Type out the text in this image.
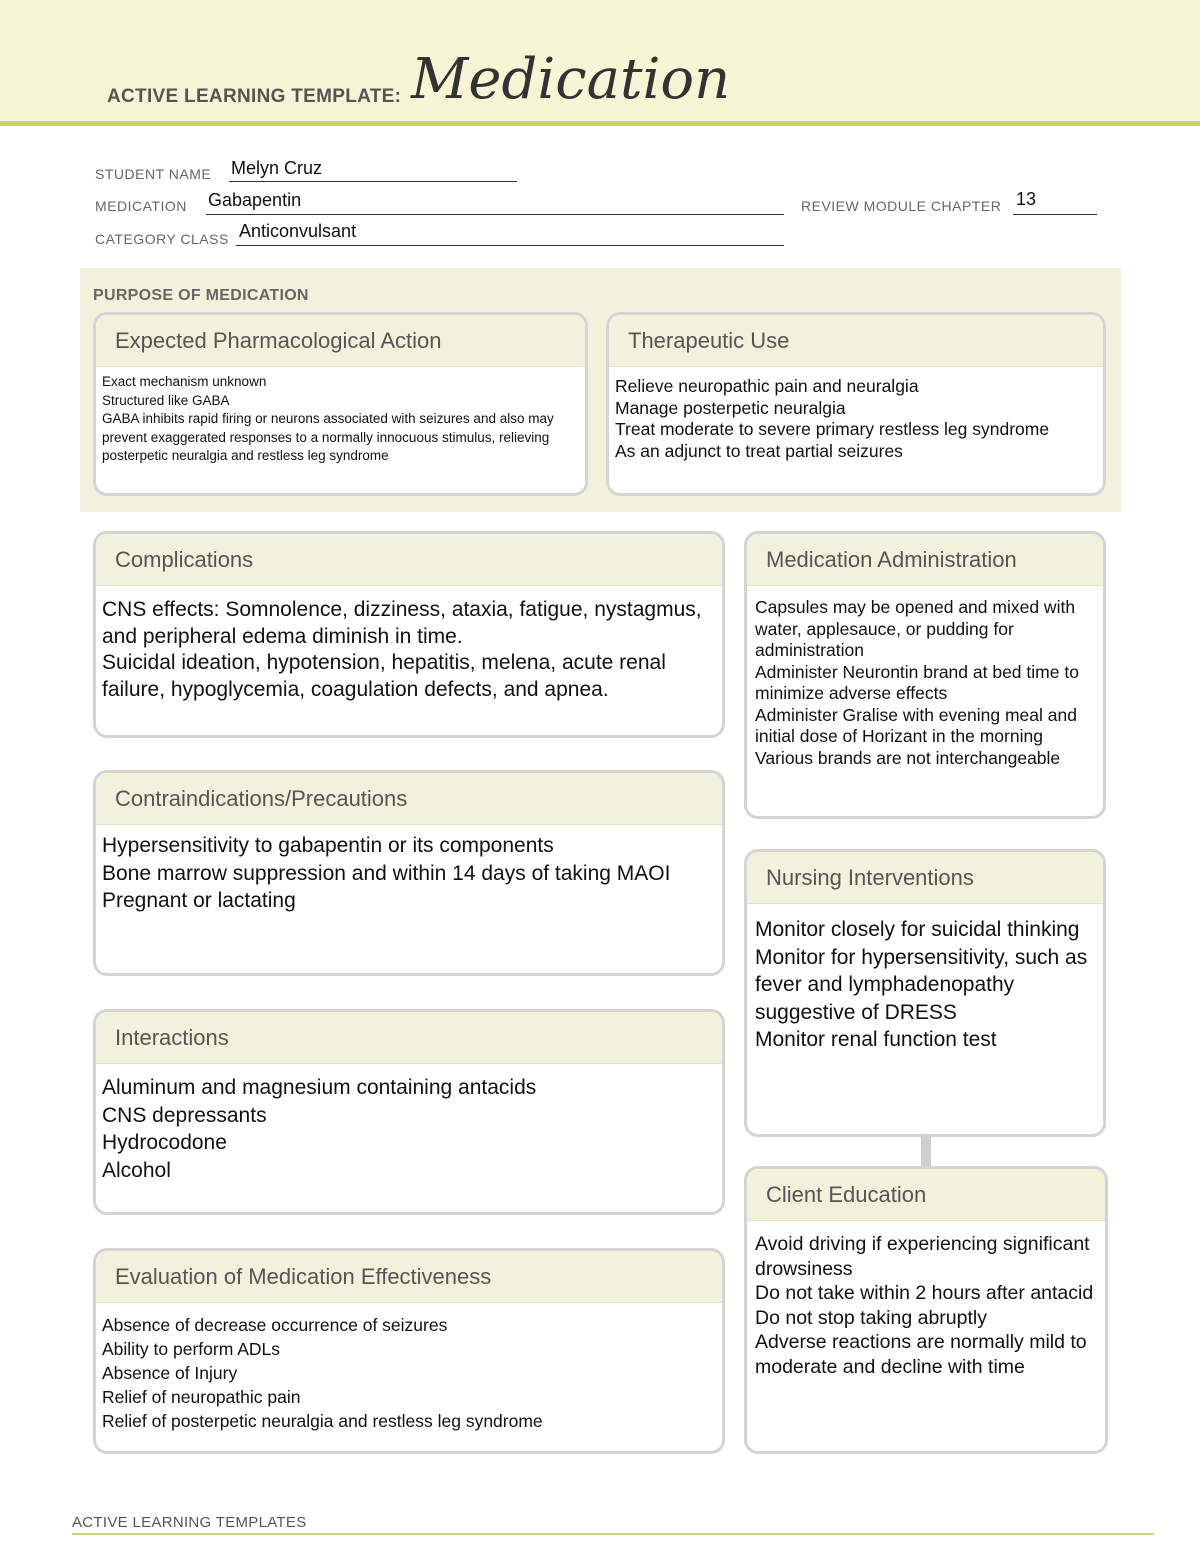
ACTIVE LEARNING TEMPLATE: Medication
STUDENT NAME Melyn Cruz
MEDICATION Gabapentin	REVIEW MODULE CHAPTER 13
CATEGORY CLASS Anticonvulsant
PURPOSE OF MEDICATION
Expected Pharmacological Action
Exact mechanism unknown
Structured like GABA
GABA inhibits rapid firing or neurons associated with seizures and also may prevent exaggerated responses to a normally innocuous stimulus, relieving posterpetic neuralgia and restless leg syndrome
Therapeutic Use
Relieve neuropathic pain and neuralgia
Manage posterpetic neuralgia
Treat moderate to severe primary restless leg syndrome
As an adjunct to treat partial seizures
Complications
CNS effects: Somnolence, dizziness, ataxia, fatigue, nystagmus, and peripheral edema diminish in time.
Suicidal ideation, hypotension, hepatitis, melena, acute renal failure, hypoglycemia, coagulation defects, and apnea.
Contraindications/Precautions
Hypersensitivity to gabapentin or its components
Bone marrow suppression and within 14 days of taking MAOI
Pregnant or lactating
Interactions
Aluminum and magnesium containing antacids
CNS depressants
Hydrocodone
Alcohol
Evaluation of Medication Effectiveness
Absence of decrease occurrence of seizures
Ability to perform ADLs
Absence of Injury
Relief of neuropathic pain
Relief of posterpetic neuralgia and restless leg syndrome
Medication Administration
Capsules may be opened and mixed with water, applesauce, or pudding for administration
Administer Neurontin brand at bed time to minimize adverse effects
Administer Gralise with evening meal and initial dose of Horizant in the morning
Various brands are not interchangeable
Nursing Interventions
Monitor closely for suicidal thinking
Monitor for hypersensitivity, such as fever and lymphadenopathy suggestive of DRESS
Monitor renal function test
Client Education
Avoid driving if experiencing significant drowsiness
Do not take within 2 hours after antacid
Do not stop taking abruptly
Adverse reactions are normally mild to moderate and decline with time
ACTIVE LEARNING TEMPLATES
